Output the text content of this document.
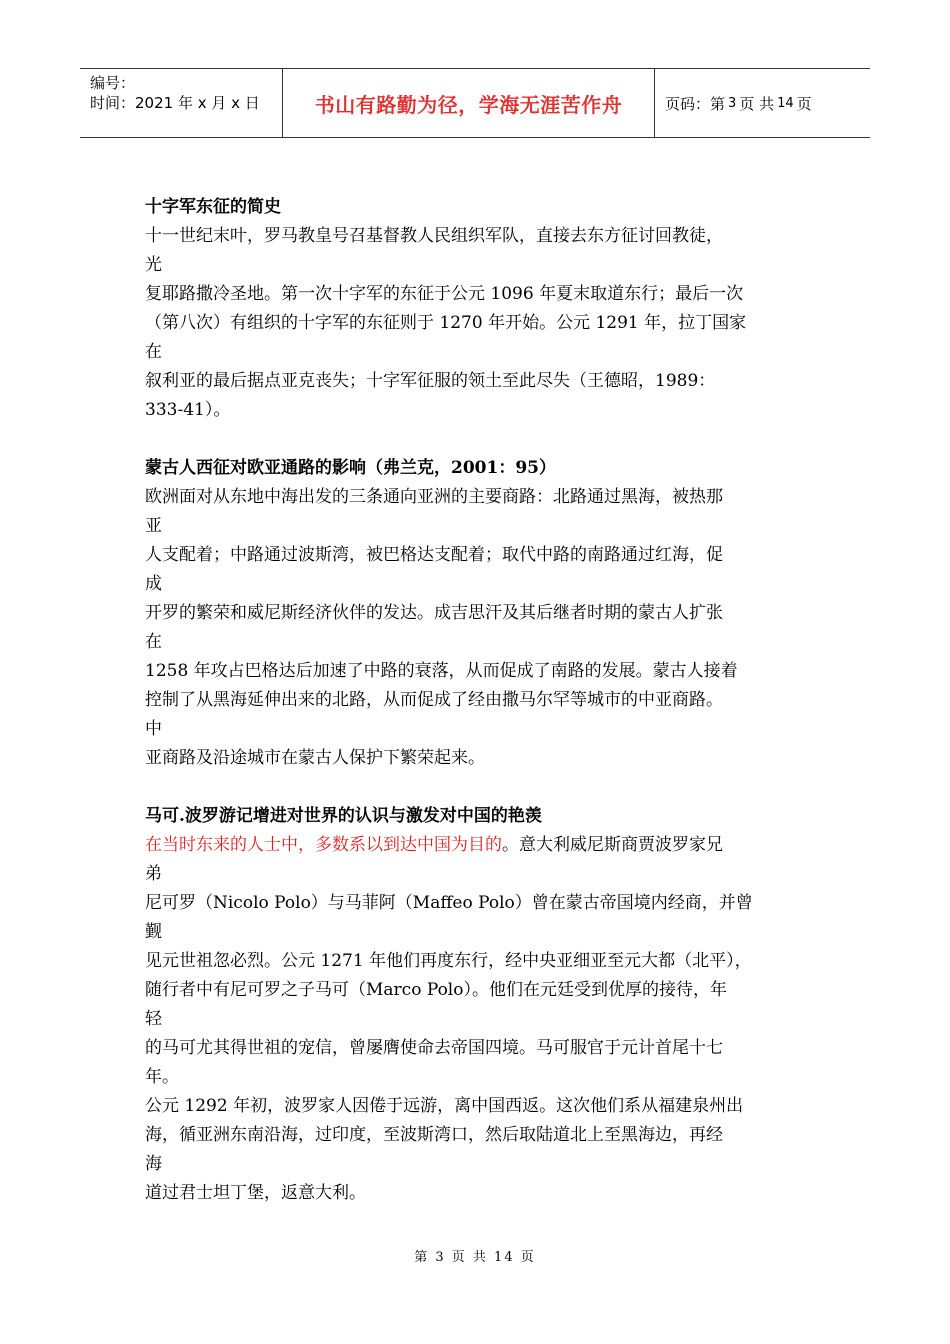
编号：
时间：2021 年 x 月 x 日	书山有路勤为径，学海无涯苦作舟	页码：第 3 页 共 14 页
十字军东征的简史
十一世纪末叶，罗马教皇号召基督教人民组织军队，直接去东方征讨回教徒，
光
复耶路撒冷圣地。第一次十字军的东征于公元 1096 年夏末取道东行；最后一次
（第八次）有组织的十字军的东征则于 1270 年开始。公元 1291 年，拉丁国家
在
叙利亚的最后据点亚克丧失；十字军征服的领土至此尽失（王德昭，1989：
333-41）。
蒙古人西征对欧亚通路的影响（弗兰克，2001：95）
欧洲面对从东地中海出发的三条通向亚洲的主要商路：北路通过黑海，被热那
亚
人支配着；中路通过波斯湾，被巴格达支配着；取代中路的南路通过红海，促
成
开罗的繁荣和威尼斯经济伙伴的发达。成吉思汗及其后继者时期的蒙古人扩张
在
1258 年攻占巴格达后加速了中路的衰落，从而促成了南路的发展。蒙古人接着
控制了从黑海延伸出来的北路，从而促成了经由撒马尔罕等城市的中亚商路。
中
亚商路及沿途城市在蒙古人保护下繁荣起来。
马可.波罗游记增进对世界的认识与激发对中国的艳羡
在当时东来的人士中，多数系以到达中国为目的。意大利威尼斯商贾波罗家兄
弟
尼可罗（Nicolo Polo）与马菲阿（Maffeo Polo）曾在蒙古帝国境内经商，并曾
觐
见元世祖忽必烈。公元 1271 年他们再度东行，经中央亚细亚至元大都（北平），
随行者中有尼可罗之子马可（Marco Polo）。他们在元廷受到优厚的接待，年
轻
的马可尤其得世祖的宠信，曾屡膺使命去帝国四境。马可服官于元计首尾十七
年。
公元 1292 年初，波罗家人因倦于远游，离中国西返。这次他们系从福建泉州出
海，循亚洲东南沿海，过印度，至波斯湾口，然后取陆道北上至黑海边，再经
海
道过君士坦丁堡，返意大利。
第 3 页 共 14 页
